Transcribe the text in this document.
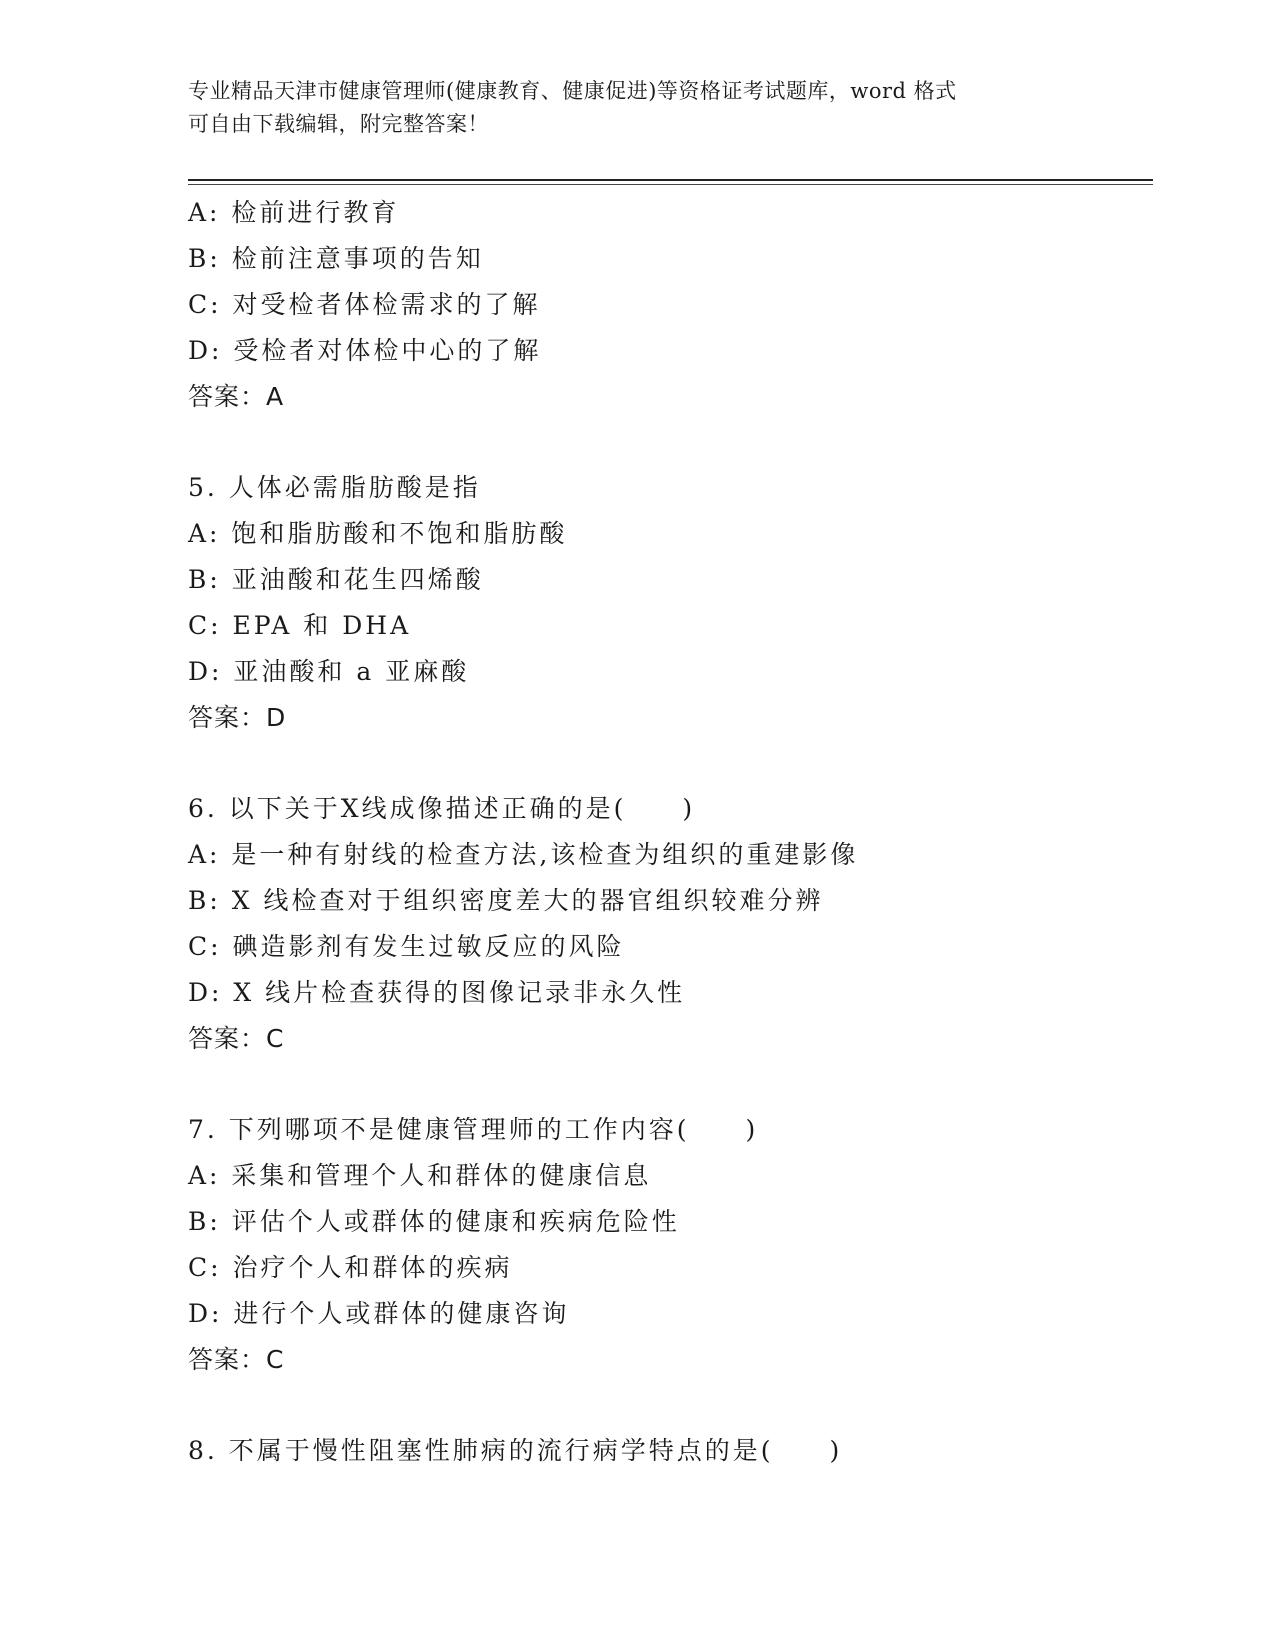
专业精品天津市健康管理师(健康教育、健康促进)等资格证考试题库，word 格式
可自由下载编辑，附完整答案！
A: 检前进行教育
B: 检前注意事项的告知
C: 对受检者体检需求的了解
D: 受检者对体检中心的了解
答案：A
5. 人体必需脂肪酸是指
A: 饱和脂肪酸和不饱和脂肪酸
B: 亚油酸和花生四烯酸
C: EPA 和 DHA
D: 亚油酸和 a 亚麻酸
答案：D
6. 以下关于X线成像描述正确的是(　　)
A: 是一种有射线的检查方法,该检查为组织的重建影像
B: X 线检查对于组织密度差大的器官组织较难分辨
C: 碘造影剂有发生过敏反应的风险
D: X 线片检查获得的图像记录非永久性
答案：C
7. 下列哪项不是健康管理师的工作内容(　　)
A: 采集和管理个人和群体的健康信息
B: 评估个人或群体的健康和疾病危险性
C: 治疗个人和群体的疾病
D: 进行个人或群体的健康咨询
答案：C
8. 不属于慢性阻塞性肺病的流行病学特点的是(　　)
